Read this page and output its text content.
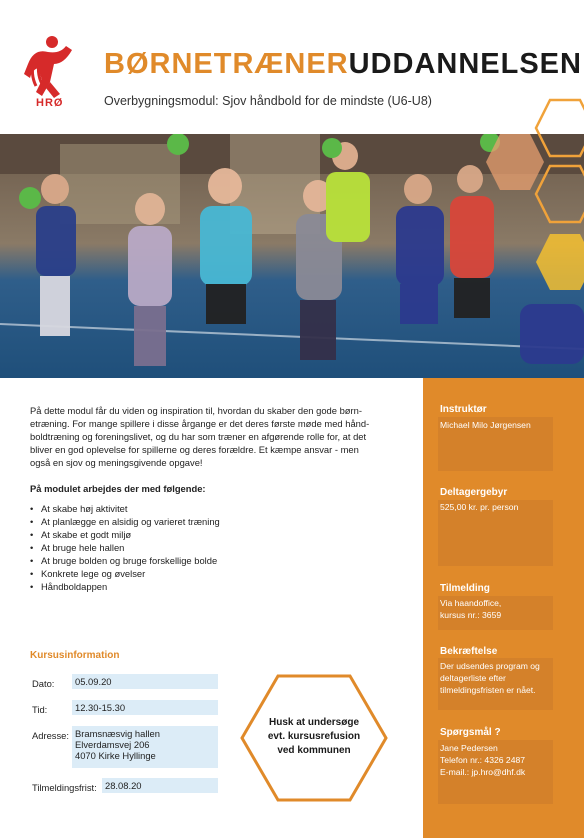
HRØ
BØRNETRÆNERUDDANNELSEN
Overbygningsmodul: Sjov håndbold for de mindste (U6-U8)

På dette modul får du viden og inspiration til, hvordan du skaber den gode børn-etræning. For mange spillere i disse årgange er det deres første møde med hånd-boldtræning og foreningslivet, og du har som træner en afgørende rolle for, at det bliver en god oplevelse for spillerne og deres forældre. Et kæmpe ansvar - men også en sjov og meningsgivende opgave!

På modulet arbejdes der med følgende:
• At skabe høj aktivitet
• At planlægge en alsidig og varieret træning
• At skabe et godt miljø
• At bruge hele hallen
• At bruge bolden og bruge forskellige bolde
• Konkrete lege og øvelser
• Håndboldappen
Kursusinformation
Dato:	05.09.20
Tid:	12.30-15.30
Adresse: Bramsnæsvig hallen
Elverdamsvej 206
4070 Kirke Hyllinge
Tilmeldingsfrist: 28.08.20
Husk at undersøge
evt. kursusrefusion
ved kommunen
Instruktør
Michael Milo Jørgensen
Deltagergebyr
525,00 kr. pr. person
Tilmelding
Via haandoffice,
kursus nr.: 3659
Bekræftelse
Der udsendes program og
deltagerliste efter
tilmeldingsfristen er nået.
Spørgsmål ?
Jane Pedersen
Telefon nr.: 4326 2487
E-mail.: jp.hro@dhf.dk
